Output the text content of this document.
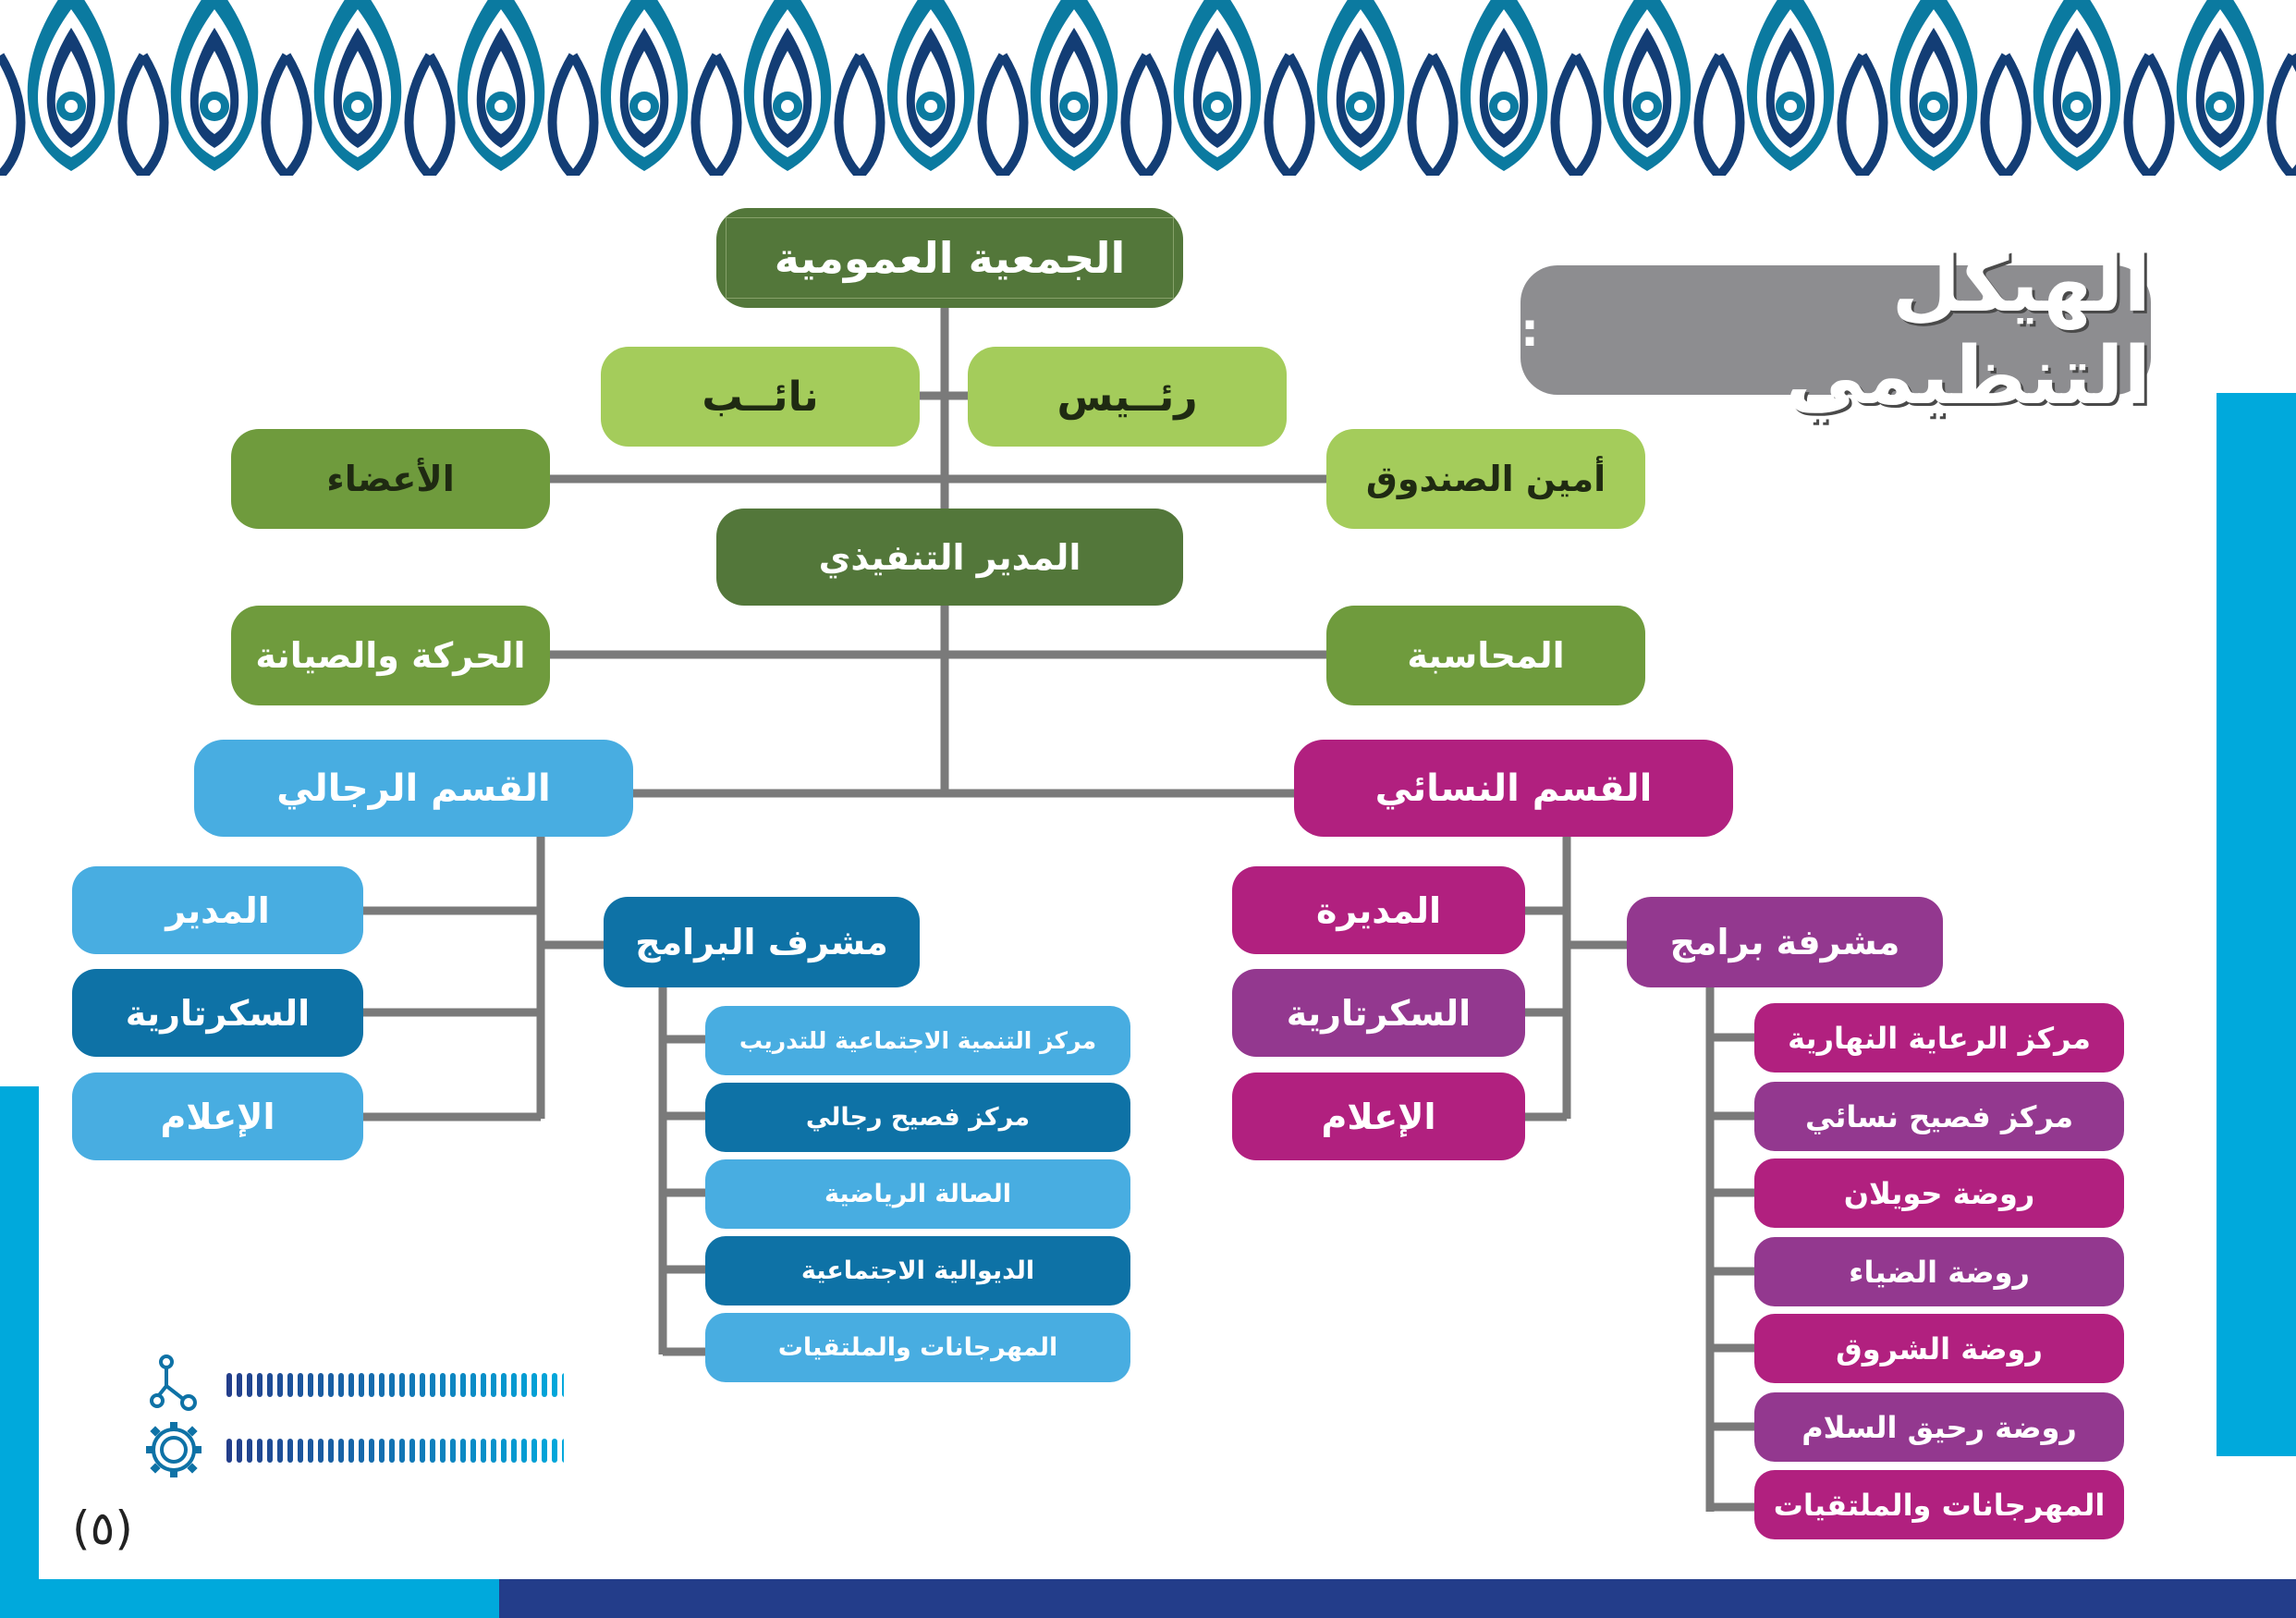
الهيكل التنظيمي
:
الجمعية العمومية
نائــب	رئــيس
الأعضاء	أمين الصندوق
المدير التنفيذي
الحركة والصيانة	المحاسبة
القسم الرجالي	القسم النسائي
المدير
السكرتارية
الإعلام
مشرف البرامج
مركز التنمية الاجتماعية للتدريب
مركز فصيح رجالي
الصالة الرياضية
الديوالية الاجتماعية
المهرجانات والملتقيات
المديرة
السكرتارية
الإعلام
مشرفة برامج
مركز الرعاية النهارية
مركز فصيح نسائي
روضة حويلان
روضة الضياء
روضة الشروق
روضة رحيق السلام
المهرجانات والملتقيات
(٥)
